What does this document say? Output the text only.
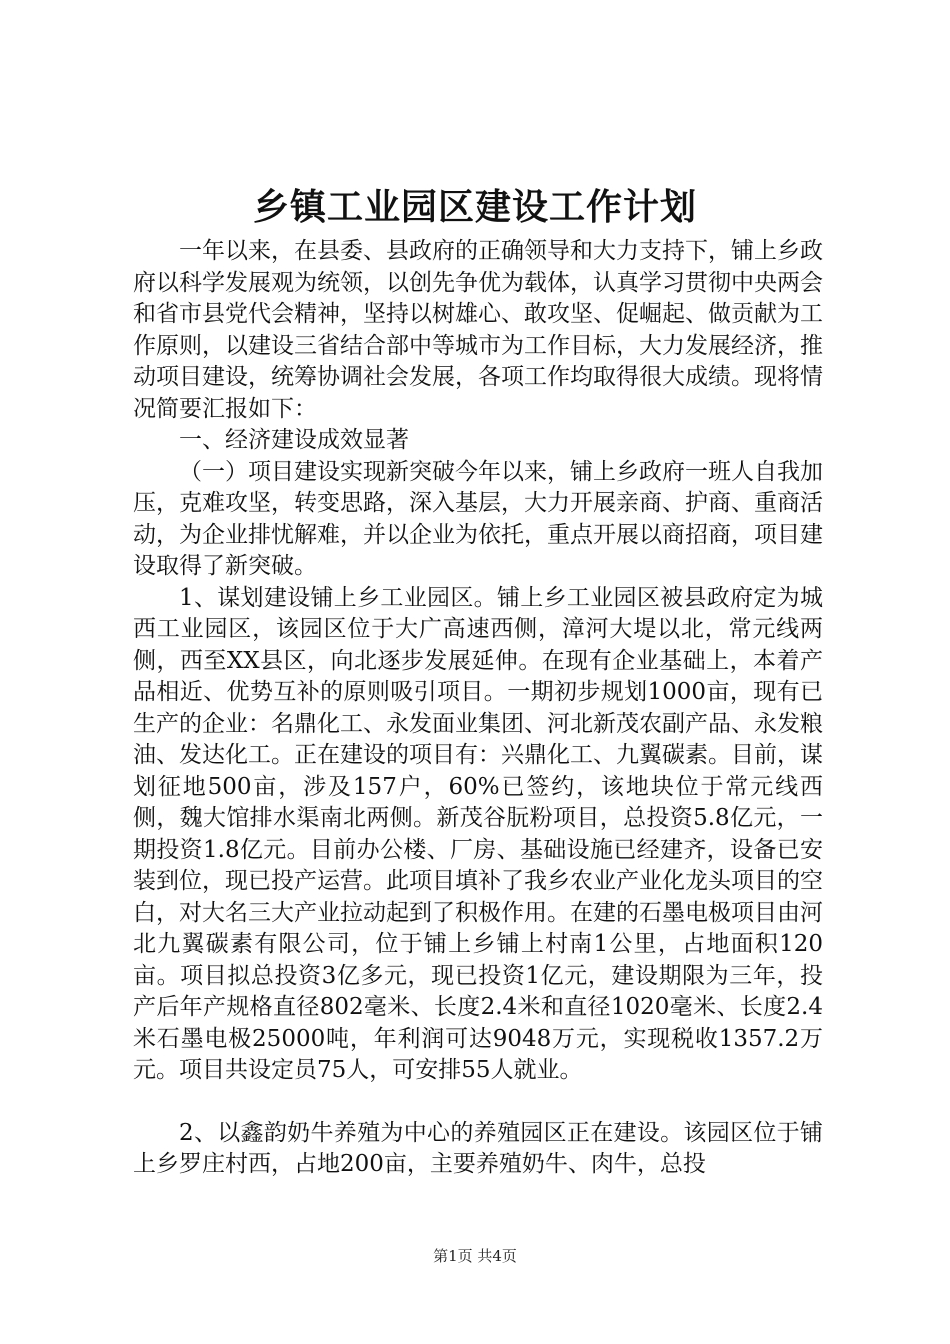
乡镇工业园区建设工作计划

一年以来，在县委、县政府的正确领导和大力支持下，铺上乡政府以科学发展观为统领，以创先争优为载体，认真学习贯彻中央两会和省市县党代会精神，坚持以树雄心、敢攻坚、促崛起、做贡献为工作原则，以建设三省结合部中等城市为工作目标，大力发展经济，推动项目建设，统筹协调社会发展，各项工作均取得很大成绩。现将情况简要汇报如下：

一、经济建设成效显著

（一）项目建设实现新突破今年以来，铺上乡政府一班人自我加压，克难攻坚，转变思路，深入基层，大力开展亲商、护商、重商活动，为企业排忧解难，并以企业为依托，重点开展以商招商，项目建设取得了新突破。

1、谋划建设铺上乡工业园区。铺上乡工业园区被县政府定为城西工业园区，该园区位于大广高速西侧，漳河大堤以北，常元线两侧，西至XX县区，向北逐步发展延伸。在现有企业基础上，本着产品相近、优势互补的原则吸引项目。一期初步规划1000亩，现有已生产的企业：名鼎化工、永发面业集团、河北新茂农副产品、永发粮油、发达化工。正在建设的项目有：兴鼎化工、九翼碳素。目前，谋划征地500亩，涉及157户，60%已签约，该地块位于常元线西侧，魏大馆排水渠南北两侧。新茂谷朊粉项目，总投资5.8亿元，一期投资1.8亿元。目前办公楼、厂房、基础设施已经建齐，设备已安装到位，现已投产运营。此项目填补了我乡农业产业化龙头项目的空白，对大名三大产业拉动起到了积极作用。在建的石墨电极项目由河北九翼碳素有限公司，位于铺上乡铺上村南1公里，占地面积120亩。项目拟总投资3亿多元，现已投资1亿元，建设期限为三年，投产后年产规格直径802毫米、长度2.4米和直径1020毫米、长度2.4米石墨电极25000吨，年利润可达9048万元，实现税收1357.2万元。项目共设定员75人，可安排55人就业。

2、以鑫韵奶牛养殖为中心的养殖园区正在建设。该园区位于铺上乡罗庄村西，占地200亩，主要养殖奶牛、肉牛，总投

第1页 共4页
